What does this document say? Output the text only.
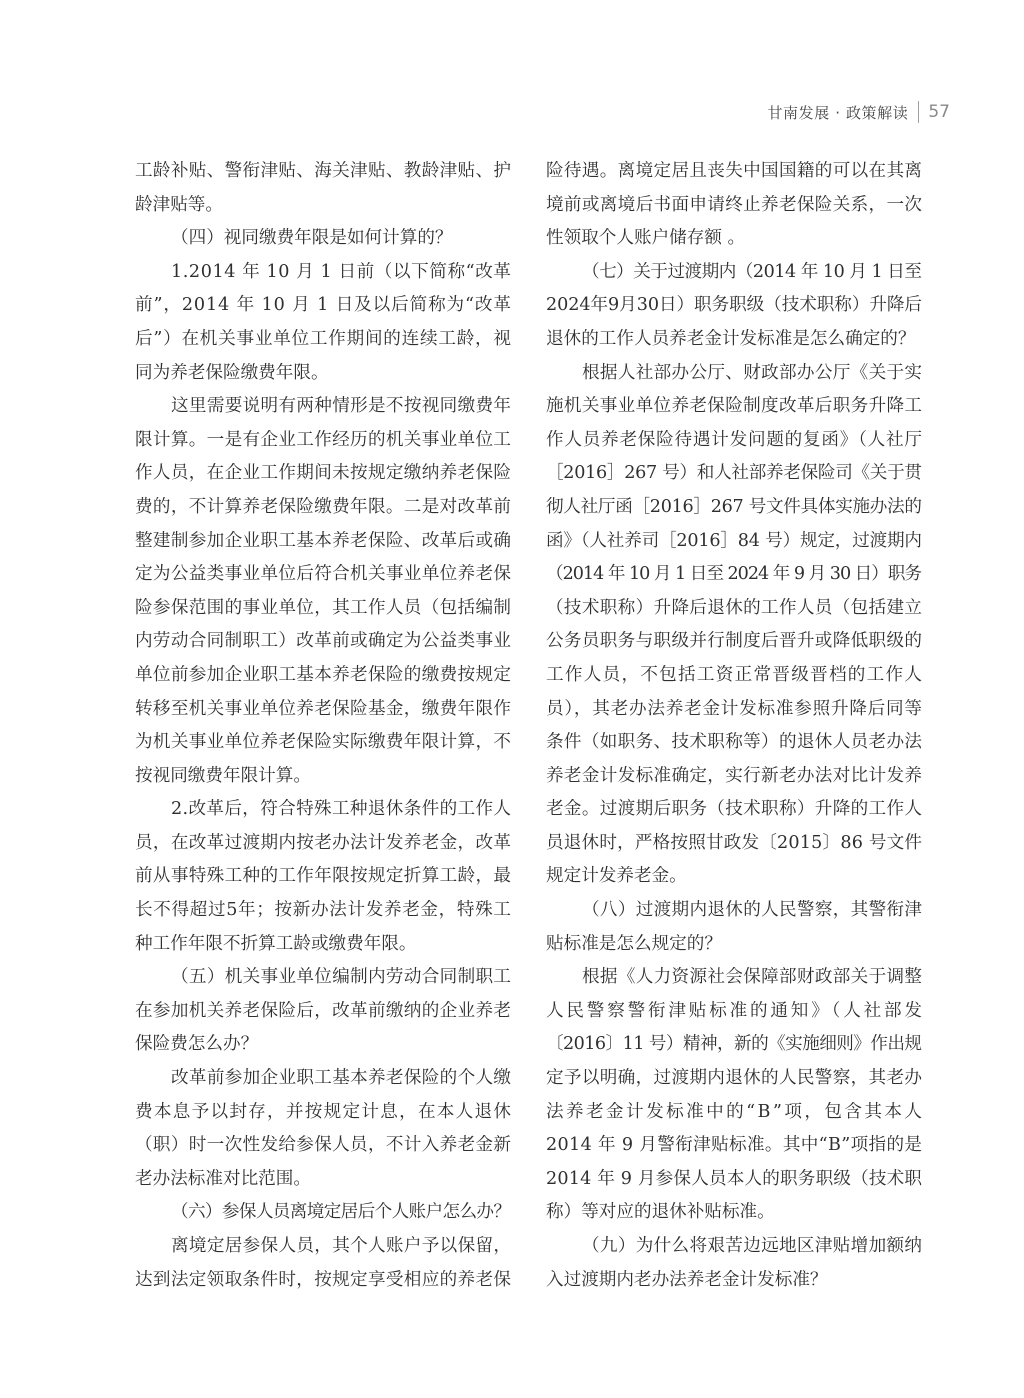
甘南发展 · 政策解读 57
工龄补贴、警衔津贴、海关津贴、教龄津贴、护
龄津贴等。
（四）视同缴费年限是如何计算的？
1.2014 年 10 月 1 日前（以下简称“改革
前”，2014 年 10 月 1 日及以后简称为“改革
后”）在机关事业单位工作期间的连续工龄，视
同为养老保险缴费年限。
这里需要说明有两种情形是不按视同缴费年
限计算。一是有企业工作经历的机关事业单位工
作人员，在企业工作期间未按规定缴纳养老保险
费的，不计算养老保险缴费年限。二是对改革前
整建制参加企业职工基本养老保险、改革后或确
定为公益类事业单位后符合机关事业单位养老保
险参保范围的事业单位，其工作人员（包括编制
内劳动合同制职工）改革前或确定为公益类事业
单位前参加企业职工基本养老保险的缴费按规定
转移至机关事业单位养老保险基金，缴费年限作
为机关事业单位养老保险实际缴费年限计算，不
按视同缴费年限计算。
2.改革后，符合特殊工种退休条件的工作人
员，在改革过渡期内按老办法计发养老金，改革
前从事特殊工种的工作年限按规定折算工龄，最
长不得超过5年；按新办法计发养老金，特殊工
种工作年限不折算工龄或缴费年限。
（五）机关事业单位编制内劳动合同制职工
在参加机关养老保险后，改革前缴纳的企业养老
保险费怎么办？
改革前参加企业职工基本养老保险的个人缴
费本息予以封存，并按规定计息，在本人退休
（职）时一次性发给参保人员，不计入养老金新
老办法标准对比范围。
（六）参保人员离境定居后个人账户怎么办？
离境定居参保人员，其个人账户予以保留，
达到法定领取条件时，按规定享受相应的养老保
险待遇。离境定居且丧失中国国籍的可以在其离
境前或离境后书面申请终止养老保险关系，一次
性领取个人账户储存额 。
（七）关于过渡期内（2014 年 10 月 1 日至
2024年9月30日）职务职级（技术职称）升降后
退休的工作人员养老金计发标准是怎么确定的？
根据人社部办公厅、财政部办公厅《关于实
施机关事业单位养老保险制度改革后职务升降工
作人员养老保险待遇计发问题的复函》（人社厅
［2016］267 号）和人社部养老保险司《关于贯
彻人社厅函［2016］267 号文件具体实施办法的
函》（人社养司［2016］84 号）规定，过渡期内
（2014 年 10 月 1 日至 2024 年 9 月 30 日）职务
（技术职称）升降后退休的工作人员（包括建立
公务员职务与职级并行制度后晋升或降低职级的
工作人员，不包括工资正常晋级晋档的工作人
员），其老办法养老金计发标准参照升降后同等
条件（如职务、技术职称等）的退休人员老办法
养老金计发标准确定，实行新老办法对比计发养
老金。过渡期后职务（技术职称）升降的工作人
员退休时，严格按照甘政发〔2015〕86 号文件
规定计发养老金。
（八）过渡期内退休的人民警察，其警衔津
贴标准是怎么规定的？
根据《人力资源社会保障部财政部关于调整
人民警察警衔津贴标准的通知》（人社部发
〔2016〕11 号）精神，新的《实施细则》作出规
定予以明确，过渡期内退休的人民警察，其老办
法养老金计发标准中的“B”项，包含其本人
2014 年 9 月警衔津贴标准。其中“B”项指的是
2014 年 9 月参保人员本人的职务职级（技术职
称）等对应的退休补贴标准。
（九）为什么将艰苦边远地区津贴增加额纳
入过渡期内老办法养老金计发标准？
